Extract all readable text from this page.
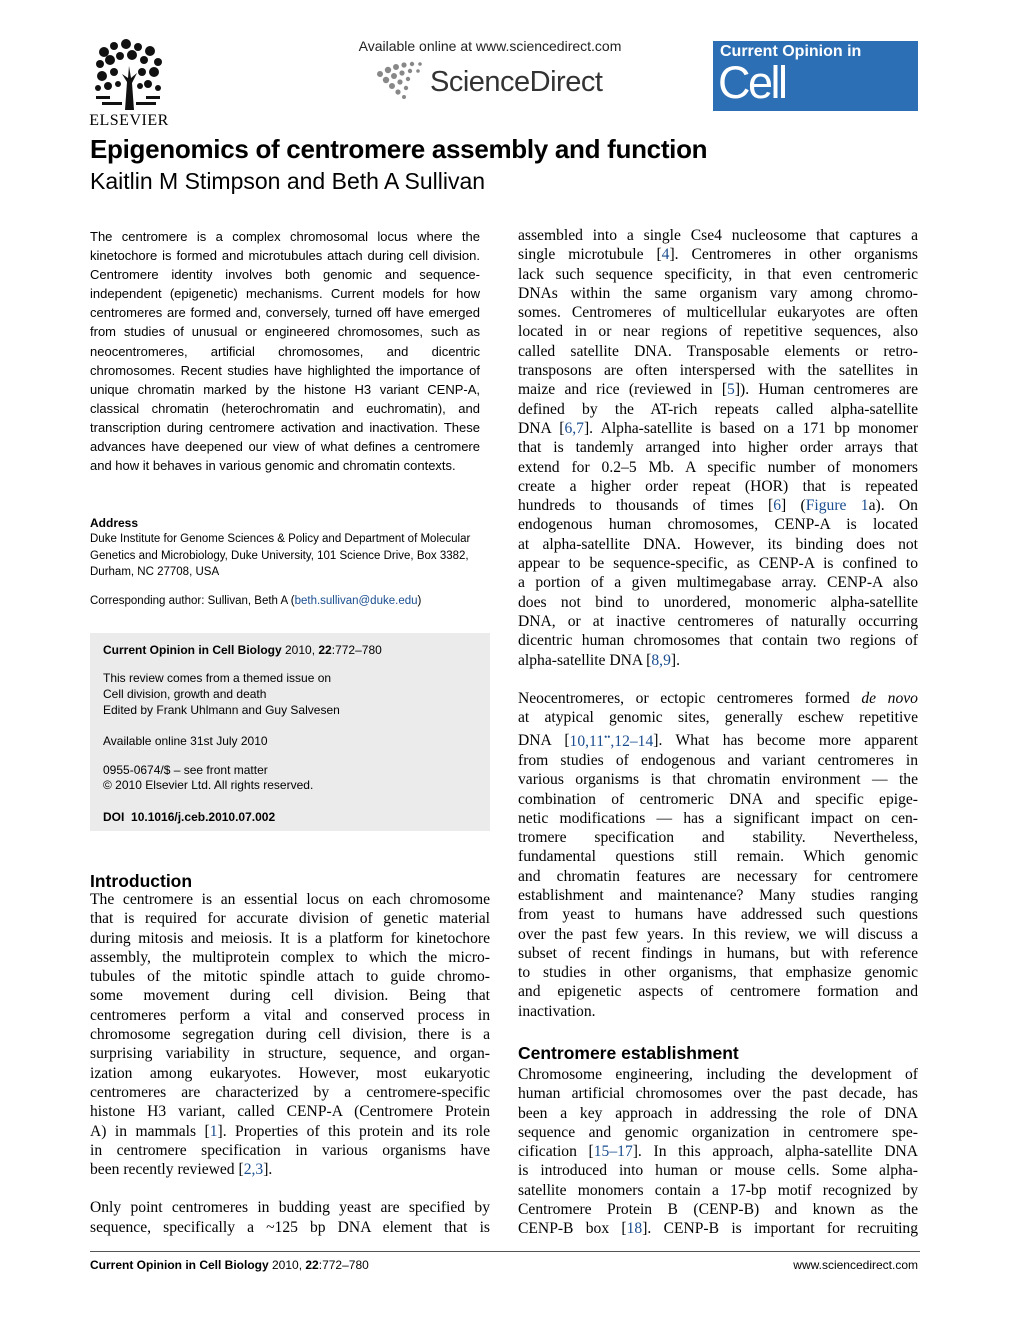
ELSEVIER
Available online at www.sciencedirect.com
ScienceDirect
Current Opinion in
Cell Biology
Epigenomics of centromere assembly and function
Kaitlin M Stimpson and Beth A Sullivan
The centromere is a complex chromosomal locus where the kinetochore is formed and microtubules attach during cell division. Centromere identity involves both genomic and sequence-independent (epigenetic) mechanisms. Current models for how centromeres are formed and, conversely, turned off have emerged from studies of unusual or engineered chromosomes, such as neocentromeres, artificial chromosomes, and dicentric chromosomes. Recent studies have highlighted the importance of unique chromatin marked by the histone H3 variant CENP-A, classical chromatin (heterochromatin and euchromatin), and transcription during centromere activation and inactivation. These advances have deepened our view of what defines a centromere and how it behaves in various genomic and chromatin contexts.
Address
Duke Institute for Genome Sciences & Policy and Department of Molecular Genetics and Microbiology, Duke University, 101 Science Drive, Box 3382, Durham, NC 27708, USA
Corresponding author: Sullivan, Beth A (beth.sullivan@duke.edu)
Current Opinion in Cell Biology 2010, 22:772–780
This review comes from a themed issue on
Cell division, growth and death
Edited by Frank Uhlmann and Guy Salvesen
Available online 31st July 2010
0955-0674/$ – see front matter
© 2010 Elsevier Ltd. All rights reserved.
DOI 10.1016/j.ceb.2010.07.002
Introduction

The centromere is an essential locus on each chromosome
that is required for accurate division of genetic material
during mitosis and meiosis. It is a platform for kinetochore
assembly, the multiprotein complex to which the micro-
tubules of the mitotic spindle attach to guide chromo-
some movement during cell division. Being that
centromeres perform a vital and conserved process in
chromosome segregation during cell division, there is a
surprising variability in structure, sequence, and organ-
ization among eukaryotes. However, most eukaryotic
centromeres are characterized by a centromere-specific
histone H3 variant, called CENP-A (Centromere Protein
A) in mammals [1]. Properties of this protein and its role
in centromere specification in various organisms have
been recently reviewed [2,3].

Only point centromeres in budding yeast are specified by
sequence, specifically a ~125 bp DNA element that is

assembled into a single Cse4 nucleosome that captures a
single microtubule [4]. Centromeres in other organisms
lack such sequence specificity, in that even centromeric
DNAs within the same organism vary among chromo-
somes. Centromeres of multicellular eukaryotes are often
located in or near regions of repetitive sequences, also
called satellite DNA. Transposable elements or retro-
transposons are often interspersed with the satellites in
maize and rice (reviewed in [5]). Human centromeres are
defined by the AT-rich repeats called alpha-satellite
DNA [6,7]. Alpha-satellite is based on a 171 bp monomer
that is tandemly arranged into higher order arrays that
extend for 0.2–5 Mb. A specific number of monomers
create a higher order repeat (HOR) that is repeated
hundreds to thousands of times [6] (Figure 1a). On
endogenous human chromosomes, CENP-A is located
at alpha-satellite DNA. However, its binding does not
appear to be sequence-specific, as CENP-A is confined to
a portion of a given multimegabase array. CENP-A also
does not bind to unordered, monomeric alpha-satellite
DNA, or at inactive centromeres of naturally occurring
dicentric human chromosomes that contain two regions of
alpha-satellite DNA [8,9].

Neocentromeres, or ectopic centromeres formed de novo
at atypical genomic sites, generally eschew repetitive
DNA [10,11••,12–14]. What has become more apparent
from studies of endogenous and variant centromeres in
various organisms is that chromatin environment — the
combination of centromeric DNA and specific epige-
netic modifications — has a significant impact on cen-
tromere specification and stability. Nevertheless,
fundamental questions still remain. Which genomic
and chromatin features are necessary for centromere
establishment and maintenance? Many studies ranging
from yeast to humans have addressed such questions
over the past few years. In this review, we will discuss a
subset of recent findings in humans, but with reference
to studies in other organisms, that emphasize genomic
and epigenetic aspects of centromere formation and
inactivation.

Centromere establishment

Chromosome engineering, including the development of
human artificial chromosomes over the past decade, has
been a key approach in addressing the role of DNA
sequence and genomic organization in centromere spe-
cification [15–17]. In this approach, alpha-satellite DNA
is introduced into human or mouse cells. Some alpha-
satellite monomers contain a 17-bp motif recognized by
Centromere Protein B (CENP-B) and known as the
CENP-B box [18]. CENP-B is important for recruiting

Current Opinion in Cell Biology 2010, 22:772–780	www.sciencedirect.com
